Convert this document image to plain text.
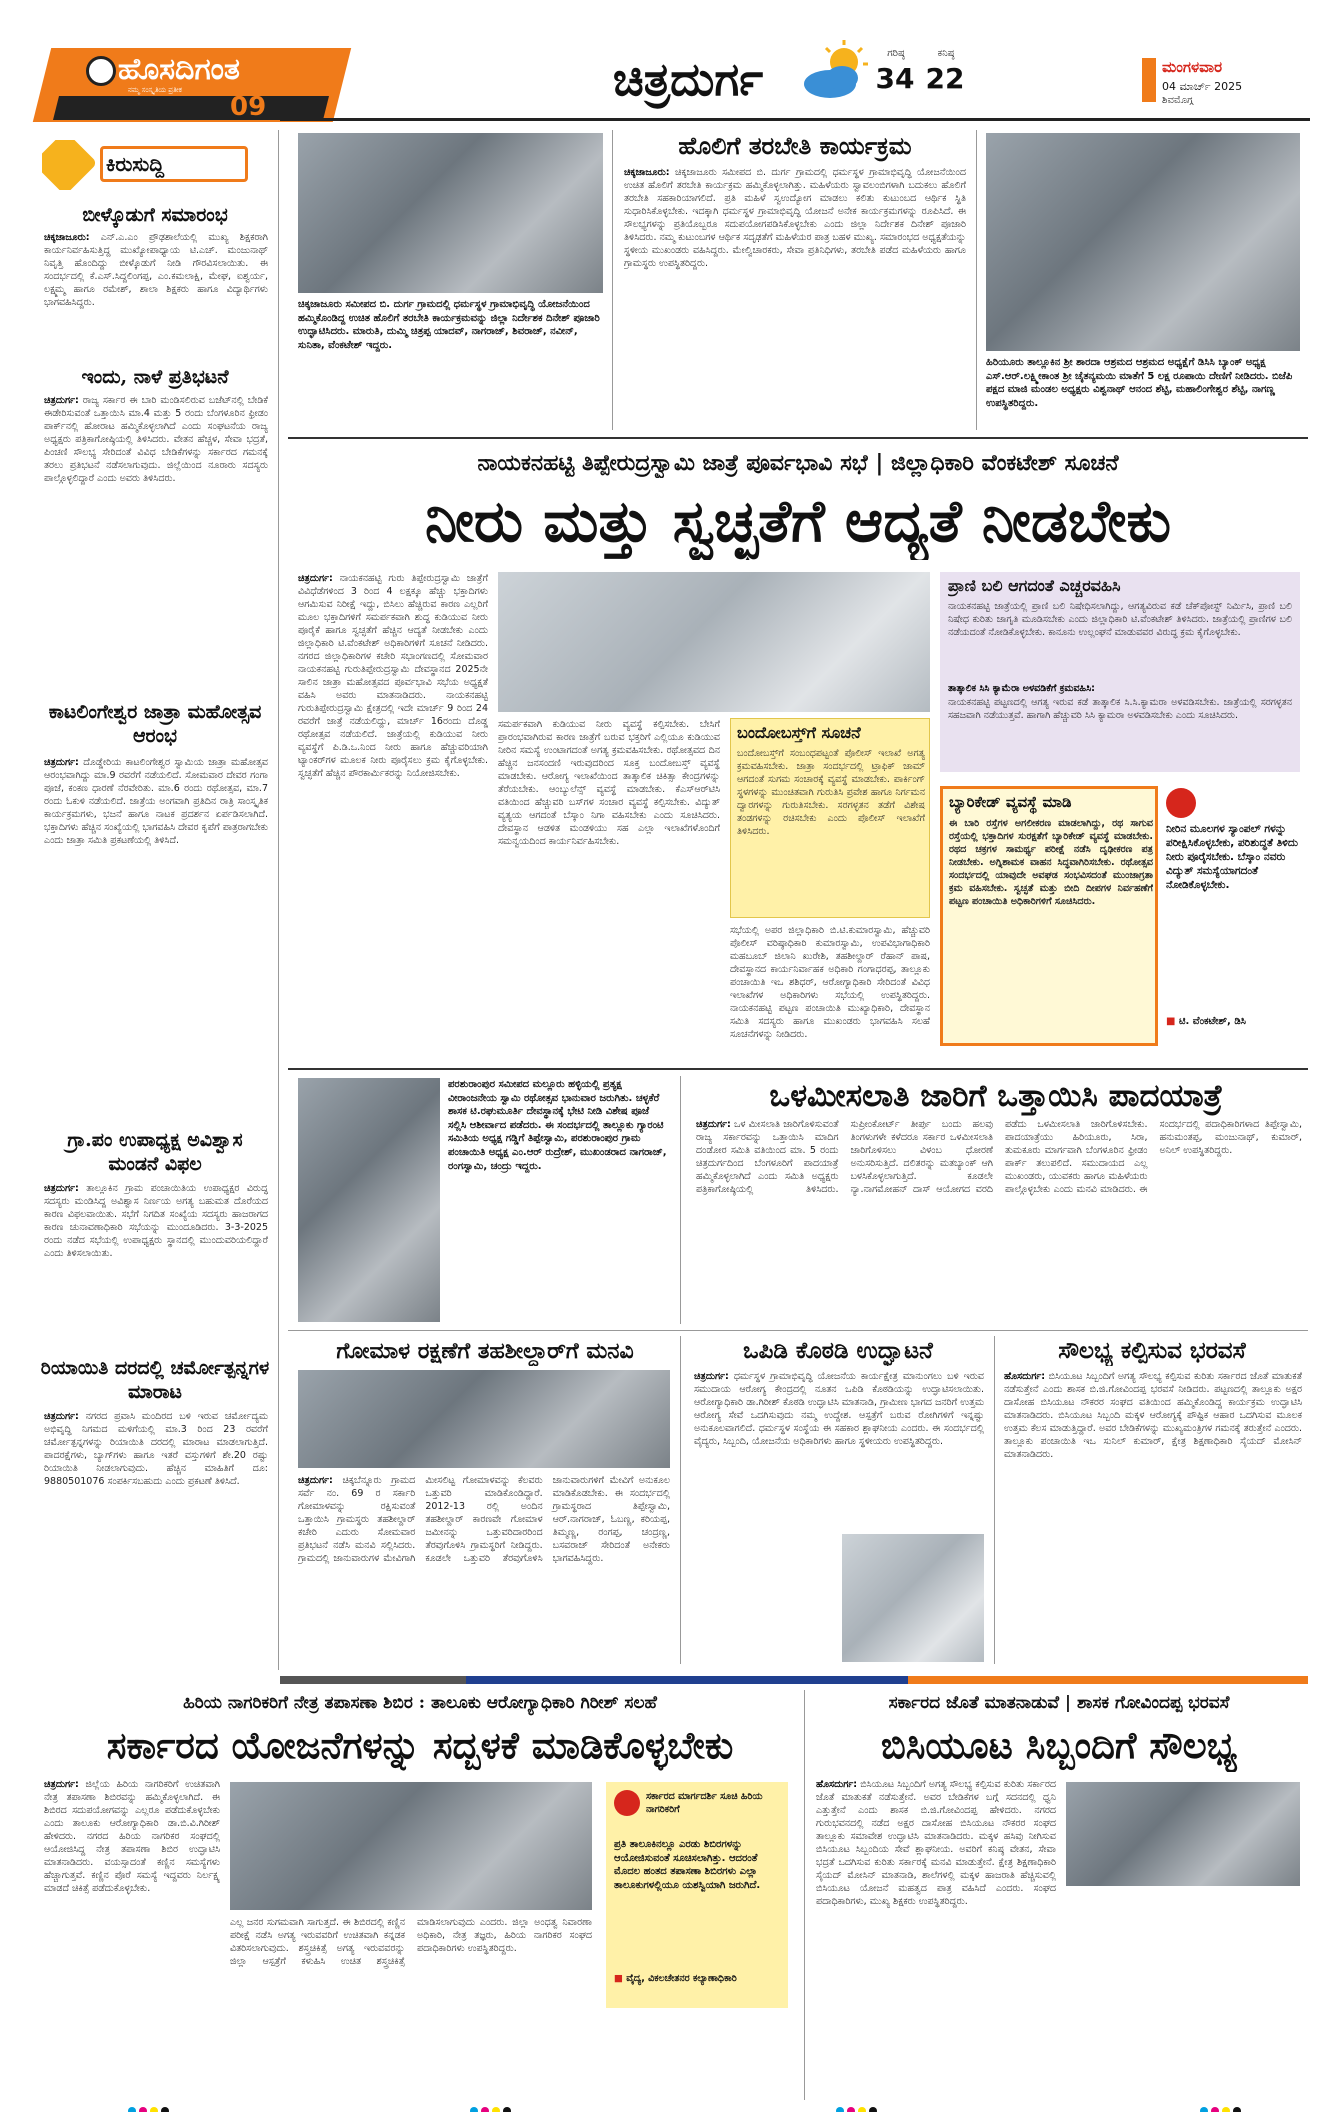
ಹೊಸದಿಗಂತ
ನಮ್ಮ ಸಂಸ್ಕೃತಿಯ ಪ್ರತೀಕ
09
ಚಿತ್ರದುರ್ಗ	ಗರಿಷ್ಠ
34
ಕನಿಷ್ಠ
22	ಮಂಗಳವಾರ
04 ಮಾರ್ಚ್ 2025
ಶಿವಮೊಗ್ಗ
ಕಿರುಸುದ್ದಿ
ಬೀಳ್ಕೊಡುಗೆ ಸಮಾರಂಭ
ಚಿಕ್ಕಜಾಜೂರು: ಎನ್.ಎ.ಎಂ ಪ್ರೌಢಶಾಲೆಯಲ್ಲಿ ಮುಖ್ಯ ಶಿಕ್ಷಕರಾಗಿ ಕಾರ್ಯನಿರ್ವಹಿಸುತ್ತಿದ್ದ ಮುಖ್ಯೋಪಾಧ್ಯಾಯ ಟಿ.ಎಚ್. ಮಂಜುನಾಥ್ ನಿವೃತ್ತಿ ಹೊಂದಿದ್ದು ಬೀಳ್ಕೊಡುಗೆ ನೀಡಿ ಗೌರವಿಸಲಾಯಿತು. ಈ ಸಂದರ್ಭದಲ್ಲಿ ಕೆ.ಎಸ್.ಸಿದ್ದಲಿಂಗಪ್ಪ, ಎಂ.ಕಮಲಾಕ್ಷಿ, ಮೇಘ, ಐಶ್ವರ್ಯ, ಲಕ್ಷ್ಮಮ್ಮ ಹಾಗೂ ರಮೇಶ್, ಶಾಲಾ ಶಿಕ್ಷಕರು ಹಾಗೂ ವಿದ್ಯಾರ್ಥಿಗಳು ಭಾಗವಹಿಸಿದ್ದರು.
ಇಂದು, ನಾಳೆ ಪ್ರತಿಭಟನೆ
ಚಿತ್ರದುರ್ಗ: ರಾಜ್ಯ ಸರ್ಕಾರ ಈ ಬಾರಿ ಮಂಡಿಸಲಿರುವ ಬಜೆಟ್‌ನಲ್ಲಿ ಬೇಡಿಕೆ ಈಡೇರಿಸುವಂತೆ ಒತ್ತಾಯಿಸಿ ಮಾ.4 ಮತ್ತು 5 ರಂದು ಬೆಂಗಳೂರಿನ ಫ್ರೀಡಂ ಪಾರ್ಕ್‌ನಲ್ಲಿ ಹೋರಾಟ ಹಮ್ಮಿಕೊಳ್ಳಲಾಗಿದೆ ಎಂದು ಸಂಘಟನೆಯ ರಾಜ್ಯ ಅಧ್ಯಕ್ಷರು ಪತ್ರಿಕಾಗೋಷ್ಠಿಯಲ್ಲಿ ತಿಳಿಸಿದರು. ವೇತನ ಹೆಚ್ಚಳ, ಸೇವಾ ಭದ್ರತೆ, ಪಿಂಚಣಿ ಸೌಲಭ್ಯ ಸೇರಿದಂತೆ ವಿವಿಧ ಬೇಡಿಕೆಗಳನ್ನು ಸರ್ಕಾರದ ಗಮನಕ್ಕೆ ತರಲು ಪ್ರತಿಭಟನೆ ನಡೆಸಲಾಗುವುದು. ಜಿಲ್ಲೆಯಿಂದ ನೂರಾರು ಸದಸ್ಯರು ಪಾಲ್ಗೊಳ್ಳಲಿದ್ದಾರೆ ಎಂದು ಅವರು ತಿಳಿಸಿದರು.
ಕಾಟಲಿಂಗೇಶ್ವರ ಜಾತ್ರಾ ಮಹೋತ್ಸವ ಆರಂಭ
ಚಿತ್ರದುರ್ಗ: ದೊಡ್ಡೇರಿಯ ಕಾಟಲಿಂಗೇಶ್ವರ ಸ್ವಾಮಿಯ ಜಾತ್ರಾ ಮಹೋತ್ಸವ ಆರಂಭವಾಗಿದ್ದು ಮಾ.9 ರವರೆಗೆ ನಡೆಯಲಿದೆ. ಸೋಮವಾರ ದೇವರ ಗಂಗಾ ಪೂಜೆ, ಕಂಕಣ ಧಾರಣೆ ನೆರವೇರಿತು. ಮಾ.6 ರಂದು ರಥೋತ್ಸವ, ಮಾ.7 ರಂದು ಓಕುಳಿ ನಡೆಯಲಿದೆ. ಜಾತ್ರೆಯ ಅಂಗವಾಗಿ ಪ್ರತಿದಿನ ರಾತ್ರಿ ಸಾಂಸ್ಕೃತಿಕ ಕಾರ್ಯಕ್ರಮಗಳು, ಭಜನೆ ಹಾಗೂ ನಾಟಕ ಪ್ರದರ್ಶನ ಏರ್ಪಡಿಸಲಾಗಿದೆ. ಭಕ್ತಾದಿಗಳು ಹೆಚ್ಚಿನ ಸಂಖ್ಯೆಯಲ್ಲಿ ಭಾಗವಹಿಸಿ ದೇವರ ಕೃಪೆಗೆ ಪಾತ್ರರಾಗಬೇಕು ಎಂದು ಜಾತ್ರಾ ಸಮಿತಿ ಪ್ರಕಟಣೆಯಲ್ಲಿ ತಿಳಿಸಿದೆ.
ಗ್ರಾ.ಪಂ ಉಪಾಧ್ಯಕ್ಷ ಅವಿಶ್ವಾಸ ಮಂಡನೆ ವಿಫಲ
ಚಿತ್ರದುರ್ಗ: ತಾಲ್ಲೂಕಿನ ಗ್ರಾಮ ಪಂಚಾಯಿತಿಯ ಉಪಾಧ್ಯಕ್ಷರ ವಿರುದ್ಧ ಸದಸ್ಯರು ಮಂಡಿಸಿದ್ದ ಅವಿಶ್ವಾಸ ನಿರ್ಣಯ ಅಗತ್ಯ ಬಹುಮತ ದೊರೆಯದ ಕಾರಣ ವಿಫಲವಾಯಿತು. ಸಭೆಗೆ ನಿಗದಿತ ಸಂಖ್ಯೆಯ ಸದಸ್ಯರು ಹಾಜರಾಗದ ಕಾರಣ ಚುನಾವಣಾಧಿಕಾರಿ ಸಭೆಯನ್ನು ಮುಂದೂಡಿದರು. 3-3-2025 ರಂದು ನಡೆದ ಸಭೆಯಲ್ಲಿ ಉಪಾಧ್ಯಕ್ಷರು ಸ್ಥಾನದಲ್ಲಿ ಮುಂದುವರಿಯಲಿದ್ದಾರೆ ಎಂದು ತಿಳಿಸಲಾಯಿತು.
ರಿಯಾಯಿತಿ ದರದಲ್ಲಿ ಚರ್ಮೋತ್ಪನ್ನಗಳ ಮಾರಾಟ
ಚಿತ್ರದುರ್ಗ: ನಗರದ ಪ್ರವಾಸಿ ಮಂದಿರದ ಬಳಿ ಇರುವ ಚರ್ಮೋದ್ಯಮ ಅಭಿವೃದ್ಧಿ ನಿಗಮದ ಮಳಿಗೆಯಲ್ಲಿ ಮಾ.3 ರಿಂದ 23 ರವರೆಗೆ ಚರ್ಮೋತ್ಪನ್ನಗಳನ್ನು ರಿಯಾಯಿತಿ ದರದಲ್ಲಿ ಮಾರಾಟ ಮಾಡಲಾಗುತ್ತಿದೆ. ಪಾದರಕ್ಷೆಗಳು, ಬ್ಯಾಗ್‌ಗಳು ಹಾಗೂ ಇತರೆ ವಸ್ತುಗಳಿಗೆ ಶೇ.20 ರಷ್ಟು ರಿಯಾಯಿತಿ ನೀಡಲಾಗುವುದು. ಹೆಚ್ಚಿನ ಮಾಹಿತಿಗೆ ದೂ: 9880501076 ಸಂಪರ್ಕಿಸಬಹುದು ಎಂದು ಪ್ರಕಟಣೆ ತಿಳಿಸಿದೆ.
ಚಿಕ್ಕಜಾಜೂರು ಸಮೀಪದ ಬಿ. ದುರ್ಗ ಗ್ರಾಮದಲ್ಲಿ ಧರ್ಮಸ್ಥಳ ಗ್ರಾಮಾಭಿವೃದ್ಧಿ ಯೋಜನೆಯಿಂದ ಹಮ್ಮಿಕೊಂಡಿದ್ದ ಉಚಿತ ಹೊಲಿಗೆ ತರಬೇತಿ ಕಾರ್ಯಕ್ರಮವನ್ನು ಜಿಲ್ಲಾ ನಿರ್ದೇಶಕ ದಿನೇಶ್ ಪೂಜಾರಿ ಉದ್ಘಾಟಿಸಿದರು. ಮಾರುತಿ, ದುಮ್ಮಿ ಚಿತ್ರಪ್ಪ ಯಾದವ್, ನಾಗರಾಜ್, ಶಿವರಾಜ್, ನವೀನ್, ಸುನಿತಾ, ವೆಂಕಟೇಶ್ ಇದ್ದರು.
ಹೊಲಿಗೆ ತರಬೇತಿ ಕಾರ್ಯಕ್ರಮ
ಚಿಕ್ಕಜಾಜೂರು: ಚಿಕ್ಕಜಾಜೂರು ಸಮೀಪದ ಬಿ. ದುರ್ಗ ಗ್ರಾಮದಲ್ಲಿ ಧರ್ಮಸ್ಥಳ ಗ್ರಾಮಾಭಿವೃದ್ಧಿ ಯೋಜನೆಯಿಂದ ಉಚಿತ ಹೊಲಿಗೆ ತರಬೇತಿ ಕಾರ್ಯಕ್ರಮ ಹಮ್ಮಿಕೊಳ್ಳಲಾಗಿತ್ತು. ಮಹಿಳೆಯರು ಸ್ವಾವಲಂಬಿಗಳಾಗಿ ಬದುಕಲು ಹೊಲಿಗೆ ತರಬೇತಿ ಸಹಕಾರಿಯಾಗಲಿದೆ. ಪ್ರತಿ ಮಹಿಳೆ ಸ್ವಉದ್ಯೋಗ ಮಾಡಲು ಕಲಿತು ಕುಟುಂಬದ ಆರ್ಥಿಕ ಸ್ಥಿತಿ ಸುಧಾರಿಸಿಕೊಳ್ಳಬೇಕು. ಇದಕ್ಕಾಗಿ ಧರ್ಮಸ್ಥಳ ಗ್ರಾಮಾಭಿವೃದ್ಧಿ ಯೋಜನೆ ಅನೇಕ ಕಾರ್ಯಕ್ರಮಗಳನ್ನು ರೂಪಿಸಿದೆ. ಈ ಸೌಲಭ್ಯಗಳನ್ನು ಪ್ರತಿಯೊಬ್ಬರೂ ಸದುಪಯೋಗಪಡಿಸಿಕೊಳ್ಳಬೇಕು ಎಂದು ಜಿಲ್ಲಾ ನಿರ್ದೇಶಕ ದಿನೇಶ್ ಪೂಜಾರಿ ತಿಳಿಸಿದರು. ನಮ್ಮ ಕುಟುಂಬಗಳ ಆರ್ಥಿಕ ಸದೃಢತೆಗೆ ಮಹಿಳೆಯರ ಪಾತ್ರ ಬಹಳ ಮುಖ್ಯ. ಸಮಾರಂಭದ ಅಧ್ಯಕ್ಷತೆಯನ್ನು ಸ್ಥಳೀಯ ಮುಖಂಡರು ವಹಿಸಿದ್ದರು. ಮೇಲ್ವಿಚಾರಕರು, ಸೇವಾ ಪ್ರತಿನಿಧಿಗಳು, ತರಬೇತಿ ಪಡೆದ ಮಹಿಳೆಯರು ಹಾಗೂ ಗ್ರಾಮಸ್ಥರು ಉಪಸ್ಥಿತರಿದ್ದರು.
ಹಿರಿಯೂರು ತಾಲ್ಲೂಕಿನ ಶ್ರೀ ಶಾರದಾ ಆಶ್ರಮದ ಆಶ್ರಮದ ಅಧ್ಯಕ್ಷೆಗೆ ಡಿಸಿಸಿ ಬ್ಯಾಂಕ್ ಅಧ್ಯಕ್ಷ ಎಸ್.ಆರ್.ಲಕ್ಷ್ಮೀಕಾಂತ ಶ್ರೀ ಚೈತನ್ಯಮಯಿ ಮಾತೆಗೆ 5 ಲಕ್ಷ ರೂಪಾಯಿ ದೇಣಿಗೆ ನೀಡಿದರು. ಬಿಜೆಪಿ ಪಕ್ಷದ ಮಾಜಿ ಮಂಡಲ ಅಧ್ಯಕ್ಷರು ವಿಶ್ವನಾಥ್ ಆನಂದ ಶೆಟ್ಟಿ, ಮಹಾಲಿಂಗೇಶ್ವರ ಶೆಟ್ಟಿ, ನಾಗಣ್ಣ ಉಪಸ್ಥಿತರಿದ್ದರು.
ನಾಯಕನಹಟ್ಟಿ ತಿಪ್ಪೇರುದ್ರಸ್ವಾಮಿ ಜಾತ್ರೆ ಪೂರ್ವಭಾವಿ ಸಭೆ | ಜಿಲ್ಲಾಧಿಕಾರಿ ವೆಂಕಟೇಶ್ ಸೂಚನೆ
ನೀರು ಮತ್ತು ಸ್ವಚ್ಛತೆಗೆ ಆದ್ಯತೆ ನೀಡಬೇಕು
ಚಿತ್ರದುರ್ಗ: ನಾಯಕನಹಟ್ಟಿ ಗುರು ತಿಪ್ಪೇರುದ್ರಸ್ವಾಮಿ ಜಾತ್ರೆಗೆ ವಿವಿಧೆಡೆಗಳಿಂದ 3 ರಿಂದ 4 ಲಕ್ಷಕ್ಕೂ ಹೆಚ್ಚು ಭಕ್ತಾದಿಗಳು ಆಗಮಿಸುವ ನಿರೀಕ್ಷೆ ಇದ್ದು, ಬಿಸಿಲು ಹೆಚ್ಚಿರುವ ಕಾರಣ ಎಲ್ಲರಿಗೆ ಮೂಲ ಭಕ್ತಾದಿಗಳಿಗೆ ಸಮರ್ಪಕವಾಗಿ ಶುದ್ಧ ಕುಡಿಯುವ ನೀರು ಪೂರೈಕೆ ಹಾಗೂ ಸ್ವಚ್ಛತೆಗೆ ಹೆಚ್ಚಿನ ಆದ್ಯತೆ ನೀಡಬೇಕು ಎಂದು ಜಿಲ್ಲಾಧಿಕಾರಿ ಟಿ.ವೆಂಕಟೇಶ್ ಅಧಿಕಾರಿಗಳಿಗೆ ಸೂಚನೆ ನೀಡಿದರು. ನಗರದ ಜಿಲ್ಲಾಧಿಕಾರಿಗಳ ಕಚೇರಿ ಸಭಾಂಗಣದಲ್ಲಿ ಸೋಮವಾರ ನಾಯಕನಹಟ್ಟಿ ಗುರುತಿಪ್ಪೇರುದ್ರಸ್ವಾಮಿ ದೇವಸ್ಥಾನದ 2025ನೇ ಸಾಲಿನ ಜಾತ್ರಾ ಮಹೋತ್ಸವದ ಪೂರ್ವಭಾವಿ ಸಭೆಯ ಅಧ್ಯಕ್ಷತೆ ವಹಿಸಿ ಅವರು ಮಾತನಾಡಿದರು. ನಾಯಕನಹಟ್ಟಿ ಗುರುತಿಪ್ಪೇರುದ್ರಸ್ವಾಮಿ ಕ್ಷೇತ್ರದಲ್ಲಿ ಇದೇ ಮಾರ್ಚ್ 9 ರಿಂದ 24 ರವರೆಗೆ ಜಾತ್ರೆ ನಡೆಯಲಿದ್ದು, ಮಾರ್ಚ್ 16ರಂದು ದೊಡ್ಡ ರಥೋತ್ಸವ ನಡೆಯಲಿದೆ. ಜಾತ್ರೆಯಲ್ಲಿ ಕುಡಿಯುವ ನೀರು ವ್ಯವಸ್ಥೆಗೆ ಪಿ.ಡಿ.ಒ.ನಿಂದ ನೀರು ಹಾಗೂ ಹೆಚ್ಚುವರಿಯಾಗಿ ಟ್ಯಾಂಕರ್‌ಗಳ ಮೂಲಕ ನೀರು ಪೂರೈಸಲು ಕ್ರಮ ಕೈಗೊಳ್ಳಬೇಕು. ಸ್ವಚ್ಛತೆಗೆ ಹೆಚ್ಚಿನ ಪೌರಕಾರ್ಮಿಕರನ್ನು ನಿಯೋಜಿಸಬೇಕು.
ಸಮರ್ಪಕವಾಗಿ ಕುಡಿಯುವ ನೀರು ವ್ಯವಸ್ಥೆ ಕಲ್ಪಿಸಬೇಕು. ಬೇಸಿಗೆ ಪ್ರಾರಂಭವಾಗಿರುವ ಕಾರಣ ಜಾತ್ರೆಗೆ ಬರುವ ಭಕ್ತರಿಗೆ ಎಲ್ಲಿಯೂ ಕುಡಿಯುವ ನೀರಿನ ಸಮಸ್ಯೆ ಉಂಟಾಗದಂತೆ ಅಗತ್ಯ ಕ್ರಮವಹಿಸಬೇಕು. ರಥೋತ್ಸವದ ದಿನ ಹೆಚ್ಚಿನ ಜನಸಂದಣಿ ಇರುವುದರಿಂದ ಸೂಕ್ತ ಬಂದೋಬಸ್ತ್ ವ್ಯವಸ್ಥೆ ಮಾಡಬೇಕು. ಆರೋಗ್ಯ ಇಲಾಖೆಯಿಂದ ತಾತ್ಕಾಲಿಕ ಚಿಕಿತ್ಸಾ ಕೇಂದ್ರಗಳನ್ನು ತೆರೆಯಬೇಕು. ಆಂಬ್ಯುಲೆನ್ಸ್ ವ್ಯವಸ್ಥೆ ಮಾಡಬೇಕು. ಕೆಎಸ್‌ಆರ್‌ಟಿಸಿ ವತಿಯಿಂದ ಹೆಚ್ಚುವರಿ ಬಸ್‌ಗಳ ಸಂಚಾರ ವ್ಯವಸ್ಥೆ ಕಲ್ಪಿಸಬೇಕು. ವಿದ್ಯುತ್ ವ್ಯತ್ಯಯ ಆಗದಂತೆ ಬೆಸ್ಕಾಂ ನಿಗಾ ವಹಿಸಬೇಕು ಎಂದು ಸೂಚಿಸಿದರು. ದೇವಸ್ಥಾನ ಆಡಳಿತ ಮಂಡಳಿಯು ಸಹ ಎಲ್ಲಾ ಇಲಾಖೆಗಳೊಂದಿಗೆ ಸಮನ್ವಯದಿಂದ ಕಾರ್ಯನಿರ್ವಹಿಸಬೇಕು.
ಬಂದೋಬಸ್ತ್‌ಗೆ ಸೂಚನೆ
ಬಂದೋಬಸ್ತ್‌ಗೆ ಸಂಬಂಧಪಟ್ಟಂತೆ ಪೊಲೀಸ್ ಇಲಾಖೆ ಅಗತ್ಯ ಕ್ರಮವಹಿಸಬೇಕು. ಜಾತ್ರಾ ಸಂದರ್ಭದಲ್ಲಿ ಟ್ರಾಫಿಕ್ ಜಾಮ್ ಆಗದಂತೆ ಸುಗಮ ಸಂಚಾರಕ್ಕೆ ವ್ಯವಸ್ಥೆ ಮಾಡಬೇಕು. ಪಾರ್ಕಿಂಗ್ ಸ್ಥಳಗಳನ್ನು ಮುಂಚಿತವಾಗಿ ಗುರುತಿಸಿ ಪ್ರವೇಶ ಹಾಗೂ ನಿರ್ಗಮನ ದ್ವಾರಗಳನ್ನು ಗುರುತಿಸಬೇಕು. ಸರಗಳ್ಳತನ ತಡೆಗೆ ವಿಶೇಷ ತಂಡಗಳನ್ನು ರಚಿಸಬೇಕು ಎಂದು ಪೊಲೀಸ್ ಇಲಾಖೆಗೆ ತಿಳಿಸಿದರು.
ಸಭೆಯಲ್ಲಿ ಅಪರ ಜಿಲ್ಲಾಧಿಕಾರಿ ಬಿ.ಟಿ.ಕುಮಾರಸ್ವಾಮಿ, ಹೆಚ್ಚುವರಿ ಪೊಲೀಸ್ ವರಿಷ್ಠಾಧಿಕಾರಿ ಕುಮಾರಸ್ವಾಮಿ, ಉಪವಿಭಾಗಾಧಿಕಾರಿ ಮಹಬೂಬ್ ಜಿಲಾನಿ ಖುರೇಶಿ, ತಹಶೀಲ್ದಾರ್ ರೆಹಾನ್ ಪಾಷ, ದೇವಸ್ಥಾನದ ಕಾರ್ಯನಿರ್ವಾಹಕ ಅಧಿಕಾರಿ ಗಂಗಾಧರಪ್ಪ, ತಾಲ್ಲೂಕು ಪಂಚಾಯಿತಿ ಇಒ ಶಶಿಧರ್, ಆರೋಗ್ಯಾಧಿಕಾರಿ ಸೇರಿದಂತೆ ವಿವಿಧ ಇಲಾಖೆಗಳ ಅಧಿಕಾರಿಗಳು ಸಭೆಯಲ್ಲಿ ಉಪಸ್ಥಿತರಿದ್ದರು. ನಾಯಕನಹಟ್ಟಿ ಪಟ್ಟಣ ಪಂಚಾಯಿತಿ ಮುಖ್ಯಾಧಿಕಾರಿ, ದೇವಸ್ಥಾನ ಸಮಿತಿ ಸದಸ್ಯರು ಹಾಗೂ ಮುಖಂಡರು ಭಾಗವಹಿಸಿ ಸಲಹೆ ಸೂಚನೆಗಳನ್ನು ನೀಡಿದರು.
ಪ್ರಾಣಿ ಬಲಿ ಆಗದಂತೆ ಎಚ್ಚರವಹಿಸಿ
ನಾಯಕನಹಟ್ಟಿ ಜಾತ್ರೆಯಲ್ಲಿ ಪ್ರಾಣಿ ಬಲಿ ನಿಷೇಧಿಸಲಾಗಿದ್ದು, ಆಗತ್ಯವಿರುವ ಕಡೆ ಚೆಕ್‌ಪೋಸ್ಟ್ ನಿರ್ಮಿಸಿ, ಪ್ರಾಣಿ ಬಲಿ ನಿಷೇಧ ಕುರಿತು ಜಾಗೃತಿ ಮೂಡಿಸಬೇಕು ಎಂದು ಜಿಲ್ಲಾಧಿಕಾರಿ ಟಿ.ವೆಂಕಟೇಶ್ ತಿಳಿಸಿದರು. ಜಾತ್ರೆಯಲ್ಲಿ ಪ್ರಾಣಿಗಳ ಬಲಿ ನಡೆಯದಂತೆ ನೋಡಿಕೊಳ್ಳಬೇಕು. ಕಾನೂನು ಉಲ್ಲಂಘನೆ ಮಾಡುವವರ ವಿರುದ್ಧ ಕ್ರಮ ಕೈಗೊಳ್ಳಬೇಕು.
ತಾತ್ಕಾಲಿಕ ಸಿಸಿ ಕ್ಯಾಮೆರಾ ಅಳವಡಿಕೆಗೆ ಕ್ರಮವಹಿಸಿ:
ನಾಯಕನಹಟ್ಟಿ ಪಟ್ಟಣದಲ್ಲಿ ಆಗತ್ಯ ಇರುವ ಕಡೆ ತಾತ್ಕಾಲಿಕ ಸಿ.ಸಿ.ಕ್ಯಾಮರಾ ಅಳವಡಿಸಬೇಕು. ಜಾತ್ರೆಯಲ್ಲಿ ಸರಗಳ್ಳತನ ಸಹಜವಾಗಿ ನಡೆಯುತ್ತವೆ. ಹಾಗಾಗಿ ಹೆಚ್ಚುವರಿ ಸಿಸಿ ಕ್ಯಾಮರಾ ಅಳವಡಿಸಬೇಕು ಎಂದು ಸೂಚಿಸಿದರು.
ಬ್ಯಾರಿಕೇಡ್ ವ್ಯವಸ್ಥೆ ಮಾಡಿ
ಈ ಬಾರಿ ರಸ್ತೆಗಳ ಅಗಲೀಕರಣ ಮಾಡಲಾಗಿದ್ದು, ರಥ ಸಾಗುವ ರಸ್ತೆಯಲ್ಲಿ ಭಕ್ತಾದಿಗಳ ಸುರಕ್ಷತೆಗೆ ಬ್ಯಾರಿಕೇಡ್ ವ್ಯವಸ್ಥೆ ಮಾಡಬೇಕು. ರಥದ ಚಕ್ರಗಳ ಸಾಮರ್ಥ್ಯ ಪರೀಕ್ಷೆ ನಡೆಸಿ ದೃಢೀಕರಣ ಪತ್ರ ನೀಡಬೇಕು. ಅಗ್ನಿಶಾಮಕ ವಾಹನ ಸಿದ್ಧವಾಗಿರಿಸಬೇಕು. ರಥೋತ್ಸವ ಸಂದರ್ಭದಲ್ಲಿ ಯಾವುದೇ ಅವಘಡ ಸಂಭವಿಸದಂತೆ ಮುಂಜಾಗ್ರತಾ ಕ್ರಮ ವಹಿಸಬೇಕು. ಸ್ವಚ್ಛತೆ ಮತ್ತು ಬೀದಿ ದೀಪಗಳ ನಿರ್ವಹಣೆಗೆ ಪಟ್ಟಣ ಪಂಚಾಯಿತಿ ಅಧಿಕಾರಿಗಳಿಗೆ ಸೂಚಿಸಿದರು.
ನೀರಿನ ಮೂಲಗಳ ಸ್ಯಾಂಪಲ್ ಗಳನ್ನು ಪರೀಕ್ಷಿಸಿಕೊಳ್ಳಬೇಕು, ಪರಿಶುದ್ಧತೆ ತಿಳಿದು ನೀರು ಪೂರೈಸಬೇಕು. ಬೆಸ್ಕಾಂ ನವರು ವಿದ್ಯುತ್ ಸಮಸ್ಯೆಯಾಗದಂತೆ ನೋಡಿಕೊಳ್ಳಬೇಕು.
■ ಟಿ. ವೆಂಕಟೇಶ್, ಡಿಸಿ
ಪರಶುರಾಂಪುರ ಸಮೀಪದ ಮಲ್ಲೂರು ಹಳ್ಳಿಯಲ್ಲಿ ಪ್ರತ್ಯಕ್ಷ ವೀರಾಂಜನೇಯ ಸ್ವಾಮಿ ರಥೋತ್ಸವ ಭಾನುವಾರ ಜರುಗಿತು. ಚಳ್ಳಕೆರೆ ಶಾಸಕ ಟಿ.ರಘುಮೂರ್ತಿ ದೇವಸ್ಥಾನಕ್ಕೆ ಭೇಟಿ ನೀಡಿ ವಿಶೇಷ ಪೂಜೆ ಸಲ್ಲಿಸಿ ಆಶೀರ್ವಾದ ಪಡೆದರು. ಈ ಸಂದರ್ಭದಲ್ಲಿ ತಾಲ್ಲೂಕು ಗ್ಯಾರಂಟಿ ಸಮಿತಿಯ ಅಧ್ಯಕ್ಷ ಗಡ್ಡಿಗೆ ತಿಪ್ಪೇಸ್ವಾಮಿ, ಪರಶುರಾಂಪುರ ಗ್ರಾಮ ಪಂಚಾಯಿತಿ ಅಧ್ಯಕ್ಷ ಎಂ.ಆರ್ ರುದ್ರೇಶ್, ಮುಖಂಡರಾದ ನಾಗರಾಜ್, ರಂಗಸ್ವಾಮಿ, ಚಂದ್ರು ಇದ್ದರು.
ಒಳಮೀಸಲಾತಿ ಜಾರಿಗೆ ಒತ್ತಾಯಿಸಿ ಪಾದಯಾತ್ರೆ
ಚಿತ್ರದುರ್ಗ: ಒಳ ಮೀಸಲಾತಿ ಜಾರಿಗೊಳಿಸುವಂತೆ ರಾಜ್ಯ ಸರ್ಕಾರವನ್ನು ಒತ್ತಾಯಿಸಿ ಮಾದಿಗ ದಂಡೋರ ಸಮಿತಿ ವತಿಯಿಂದ ಮಾ. 5 ರಂದು ಚಿತ್ರದುರ್ಗದಿಂದ ಬೆಂಗಳೂರಿಗೆ ಪಾದಯಾತ್ರೆ ಹಮ್ಮಿಕೊಳ್ಳಲಾಗಿದೆ ಎಂದು ಸಮಿತಿ ಅಧ್ಯಕ್ಷರು ಪತ್ರಿಕಾಗೋಷ್ಠಿಯಲ್ಲಿ ತಿಳಿಸಿದರು. ಸುಪ್ರೀಂಕೋರ್ಟ್ ತೀರ್ಪು ಬಂದು ಹಲವು ತಿಂಗಳುಗಳೇ ಕಳೆದರೂ ಸರ್ಕಾರ ಒಳಮೀಸಲಾತಿ ಜಾರಿಗೊಳಿಸಲು ವಿಳಂಬ ಧೋರಣೆ ಅನುಸರಿಸುತ್ತಿದೆ. ದಲಿತರನ್ನು ಮತಬ್ಯಾಂಕ್ ಆಗಿ ಬಳಸಿಕೊಳ್ಳಲಾಗುತ್ತಿದೆ. ಕೂಡಲೇ ನ್ಯಾ.ನಾಗಮೋಹನ್ ದಾಸ್ ಆಯೋಗದ ವರದಿ ಪಡೆದು ಒಳಮೀಸಲಾತಿ ಜಾರಿಗೊಳಿಸಬೇಕು. ಪಾದಯಾತ್ರೆಯು ಹಿರಿಯೂರು, ಸಿರಾ, ತುಮಕೂರು ಮಾರ್ಗವಾಗಿ ಬೆಂಗಳೂರಿನ ಫ್ರೀಡಂ ಪಾರ್ಕ್ ತಲುಪಲಿದೆ. ಸಮುದಾಯದ ಎಲ್ಲ ಮುಖಂಡರು, ಯುವಕರು ಹಾಗೂ ಮಹಿಳೆಯರು ಪಾಲ್ಗೊಳ್ಳಬೇಕು ಎಂದು ಮನವಿ ಮಾಡಿದರು. ಈ ಸಂದರ್ಭದಲ್ಲಿ ಪದಾಧಿಕಾರಿಗಳಾದ ತಿಪ್ಪೇಸ್ವಾಮಿ, ಹನುಮಂತಪ್ಪ, ಮಂಜುನಾಥ್, ಕುಮಾರ್, ಅನಿಲ್ ಉಪಸ್ಥಿತರಿದ್ದರು.
ಗೋಮಾಳ ರಕ್ಷಣೆಗೆ ತಹಶೀಲ್ದಾರ್‌ಗೆ ಮನವಿ
ಚಿತ್ರದುರ್ಗ: ಚಿಕ್ಕಬೆನ್ನೂರು ಗ್ರಾಮದ ಸರ್ವೆ ನಂ. 69 ರ ಸರ್ಕಾರಿ ಗೋಮಾಳವನ್ನು ರಕ್ಷಿಸುವಂತೆ ಒತ್ತಾಯಿಸಿ ಗ್ರಾಮಸ್ಥರು ತಹಶೀಲ್ದಾರ್ ಕಚೇರಿ ಎದುರು ಸೋಮವಾರ ಪ್ರತಿಭಟನೆ ನಡೆಸಿ ಮನವಿ ಸಲ್ಲಿಸಿದರು. ಗ್ರಾಮದಲ್ಲಿ ಜಾನುವಾರುಗಳ ಮೇವಿಗಾಗಿ ಮೀಸಲಿಟ್ಟ ಗೋಮಾಳವನ್ನು ಕೆಲವರು ಒತ್ತುವರಿ ಮಾಡಿಕೊಂಡಿದ್ದಾರೆ. 2012-13 ರಲ್ಲಿ ಅಂದಿನ ತಹಶೀಲ್ದಾರ್ ಕಾರಣವೇ ಗೋಮಾಳ ಜಮೀನನ್ನು ಒತ್ತುವರಿದಾರರಿಂದ ತೆರವುಗೊಳಿಸಿ ಗ್ರಾಮಸ್ಥರಿಗೆ ನೀಡಿದ್ದರು. ಕೂಡಲೇ ಒತ್ತುವರಿ ತೆರವುಗೊಳಿಸಿ ಜಾನುವಾರುಗಳಿಗೆ ಮೇವಿಗೆ ಅನುಕೂಲ ಮಾಡಿಕೊಡಬೇಕು. ಈ ಸಂದರ್ಭದಲ್ಲಿ ಗ್ರಾಮಸ್ಥರಾದ ತಿಪ್ಪೇಸ್ವಾಮಿ, ಆರ್.ನಾಗರಾಜ್, ಓಬಣ್ಣ, ಕರಿಯಪ್ಪ, ತಿಮ್ಮಣ್ಣ, ರಂಗಪ್ಪ, ಚಂದ್ರಣ್ಣ, ಬಸವರಾಜ್ ಸೇರಿದಂತೆ ಅನೇಕರು ಭಾಗವಹಿಸಿದ್ದರು.
ಒಪಿಡಿ ಕೊಠಡಿ ಉದ್ಘಾಟನೆ
ಚಿತ್ರದುರ್ಗ: ಧರ್ಮಸ್ಥಳ ಗ್ರಾಮಾಭಿವೃದ್ಧಿ ಯೋಜನೆಯ ಕಾರ್ಯಕ್ಷೇತ್ರ ಮಾನುಂಗಲು ಬಳಿ ಇರುವ ಸಮುದಾಯ ಆರೋಗ್ಯ ಕೇಂದ್ರದಲ್ಲಿ ನೂತನ ಒಪಿಡಿ ಕೊಠಡಿಯನ್ನು ಉದ್ಘಾಟಿಸಲಾಯಿತು. ಆರೋಗ್ಯಾಧಿಕಾರಿ ಡಾ.ಗಿರೀಶ್ ಕೊಠಡಿ ಉದ್ಘಾಟಿಸಿ ಮಾತನಾಡಿ, ಗ್ರಾಮೀಣ ಭಾಗದ ಜನರಿಗೆ ಉತ್ತಮ ಆರೋಗ್ಯ ಸೇವೆ ಒದಗಿಸುವುದು ನಮ್ಮ ಉದ್ದೇಶ. ಆಸ್ಪತ್ರೆಗೆ ಬರುವ ರೋಗಿಗಳಿಗೆ ಇನ್ನಷ್ಟು ಅನುಕೂಲವಾಗಲಿದೆ. ಧರ್ಮಸ್ಥಳ ಸಂಸ್ಥೆಯ ಈ ಸಹಕಾರ ಶ್ಲಾಘನೀಯ ಎಂದರು. ಈ ಸಂದರ್ಭದಲ್ಲಿ ವೈದ್ಯರು, ಸಿಬ್ಬಂದಿ, ಯೋಜನೆಯ ಅಧಿಕಾರಿಗಳು ಹಾಗೂ ಸ್ಥಳೀಯರು ಉಪಸ್ಥಿತರಿದ್ದರು.
ಸೌಲಭ್ಯ ಕಲ್ಪಿಸುವ ಭರವಸೆ
ಹೊಸದುರ್ಗ: ಬಿಸಿಯೂಟ ಸಿಬ್ಬಂದಿಗೆ ಅಗತ್ಯ ಸೌಲಭ್ಯ ಕಲ್ಪಿಸುವ ಕುರಿತು ಸರ್ಕಾರದ ಜೊತೆ ಮಾತುಕತೆ ನಡೆಸುತ್ತೇನೆ ಎಂದು ಶಾಸಕ ಬಿ.ಜಿ.ಗೋವಿಂದಪ್ಪ ಭರವಸೆ ನೀಡಿದರು. ಪಟ್ಟಣದಲ್ಲಿ ತಾಲ್ಲೂಕು ಅಕ್ಷರ ದಾಸೋಹ ಬಿಸಿಯೂಟ ನೌಕರರ ಸಂಘದ ವತಿಯಿಂದ ಹಮ್ಮಿಕೊಂಡಿದ್ದ ಕಾರ್ಯಕ್ರಮ ಉದ್ಘಾಟಿಸಿ ಮಾತನಾಡಿದರು. ಬಿಸಿಯೂಟ ಸಿಬ್ಬಂದಿ ಮಕ್ಕಳ ಆರೋಗ್ಯಕ್ಕೆ ಪೌಷ್ಟಿಕ ಆಹಾರ ಒದಗಿಸುವ ಮೂಲಕ ಉತ್ತಮ ಕೆಲಸ ಮಾಡುತ್ತಿದ್ದಾರೆ. ಅವರ ಬೇಡಿಕೆಗಳನ್ನು ಮುಖ್ಯಮಂತ್ರಿಗಳ ಗಮನಕ್ಕೆ ತರುತ್ತೇನೆ ಎಂದರು. ತಾಲ್ಲೂಕು ಪಂಚಾಯಿತಿ ಇಒ ಸುನಿಲ್ ಕುಮಾರ್, ಕ್ಷೇತ್ರ ಶಿಕ್ಷಣಾಧಿಕಾರಿ ಸೈಯದ್ ಮೋಸಿನ್ ಮಾತನಾಡಿದರು.
ಹಿರಿಯ ನಾಗರಿಕರಿಗೆ ನೇತ್ರ ತಪಾಸಣಾ ಶಿಬಿರ : ತಾಲೂಕು ಆರೋಗ್ಯಾಧಿಕಾರಿ ಗಿರೀಶ್ ಸಲಹೆ
ಸರ್ಕಾರದ ಯೋಜನೆಗಳನ್ನು ಸದ್ಬಳಕೆ ಮಾಡಿಕೊಳ್ಳಬೇಕು
ಚಿತ್ರದುರ್ಗ: ಜಿಲ್ಲೆಯ ಹಿರಿಯ ನಾಗರಿಕರಿಗೆ ಉಚಿತವಾಗಿ ನೇತ್ರ ತಪಾಸಣಾ ಶಿಬಿರವನ್ನು ಹಮ್ಮಿಕೊಳ್ಳಲಾಗಿದೆ. ಈ ಶಿಬಿರದ ಸದುಪಯೋಗವನ್ನು ಎಲ್ಲರೂ ಪಡೆದುಕೊಳ್ಳಬೇಕು ಎಂದು ತಾಲೂಕು ಆರೋಗ್ಯಾಧಿಕಾರಿ ಡಾ.ಬಿ.ವಿ.ಗಿರೀಶ್ ಹೇಳಿದರು. ನಗರದ ಹಿರಿಯ ನಾಗರಿಕರ ಸಂಘದಲ್ಲಿ ಆಯೋಜಿಸಿದ್ದ ನೇತ್ರ ತಪಾಸಣಾ ಶಿಬಿರ ಉದ್ಘಾಟಿಸಿ ಮಾತನಾಡಿದರು. ವಯಸ್ಸಾದಂತೆ ಕಣ್ಣಿನ ಸಮಸ್ಯೆಗಳು ಹೆಚ್ಚಾಗುತ್ತವೆ. ಕಣ್ಣಿನ ಪೊರೆ ಸಮಸ್ಯೆ ಇದ್ದವರು ನಿರ್ಲಕ್ಷ್ಯ ಮಾಡದೆ ಚಿಕಿತ್ಸೆ ಪಡೆದುಕೊಳ್ಳಬೇಕು.
ಎಲ್ಲ ಜನರ ಸುಗಮವಾಗಿ ಸಾಗುತ್ತದೆ. ಈ ಶಿಬಿರದಲ್ಲಿ ಕಣ್ಣಿನ ಪರೀಕ್ಷೆ ನಡೆಸಿ ಅಗತ್ಯ ಇರುವವರಿಗೆ ಉಚಿತವಾಗಿ ಕನ್ನಡಕ ವಿತರಿಸಲಾಗುವುದು. ಶಸ್ತ್ರಚಿಕಿತ್ಸೆ ಅಗತ್ಯ ಇರುವವರನ್ನು ಜಿಲ್ಲಾ ಆಸ್ಪತ್ರೆಗೆ ಕಳುಹಿಸಿ ಉಚಿತ ಶಸ್ತ್ರಚಿಕಿತ್ಸೆ ಮಾಡಿಸಲಾಗುವುದು ಎಂದರು. ಜಿಲ್ಲಾ ಅಂಧತ್ವ ನಿವಾರಣಾ ಅಧಿಕಾರಿ, ನೇತ್ರ ತಜ್ಞರು, ಹಿರಿಯ ನಾಗರಿಕರ ಸಂಘದ ಪದಾಧಿಕಾರಿಗಳು ಉಪಸ್ಥಿತರಿದ್ದರು.
ಸರ್ಕಾರದ ಮಾರ್ಗದರ್ಶಿ ಸೂಚಿ ಹಿರಿಯ ನಾಗರಿಕರಿಗೆ
ಪ್ರತಿ ತಾಲೂಕಿನಲ್ಲೂ ಎರಡು ಶಿಬಿರಗಳನ್ನು ಆಯೋಜಿಸುವಂತೆ ಸೂಚಿಸಲಾಗಿತ್ತು. ಆದರಂತೆ ಮೊದಲ ಹಂತದ ತಪಾಸಣಾ ಶಿಬಿರಗಳು ಎಲ್ಲಾ ತಾಲೂಕುಗಳಲ್ಲಿಯೂ ಯಶಸ್ವಿಯಾಗಿ ಜರುಗಿದೆ.
■ ವೈದ್ಯ, ವಿಕಲಚೇತನರ ಕಲ್ಯಾಣಾಧಿಕಾರಿ
ಸರ್ಕಾರದ ಜೊತೆ ಮಾತನಾಡುವೆ | ಶಾಸಕ ಗೋವಿಂದಪ್ಪ ಭರವಸೆ
ಬಿಸಿಯೂಟ ಸಿಬ್ಬಂದಿಗೆ ಸೌಲಭ್ಯ
ಹೊಸದುರ್ಗ: ಬಿಸಿಯೂಟ ಸಿಬ್ಬಂದಿಗೆ ಅಗತ್ಯ ಸೌಲಭ್ಯ ಕಲ್ಪಿಸುವ ಕುರಿತು ಸರ್ಕಾರದ ಜೊತೆ ಮಾತುಕತೆ ನಡೆಸುತ್ತೇನೆ. ಅವರ ಬೇಡಿಕೆಗಳ ಬಗ್ಗೆ ಸದನದಲ್ಲಿ ಧ್ವನಿ ಎತ್ತುತ್ತೇನೆ ಎಂದು ಶಾಸಕ ಬಿ.ಜಿ.ಗೋವಿಂದಪ್ಪ ಹೇಳಿದರು. ನಗರದ ಗುರುಭವನದಲ್ಲಿ ನಡೆದ ಅಕ್ಷರ ದಾಸೋಹ ಬಿಸಿಯೂಟ ನೌಕರರ ಸಂಘದ ತಾಲ್ಲೂಕು ಸಮಾವೇಶ ಉದ್ಘಾಟಿಸಿ ಮಾತನಾಡಿದರು. ಮಕ್ಕಳ ಹಸಿವು ನೀಗಿಸುವ ಬಿಸಿಯೂಟ ಸಿಬ್ಬಂದಿಯ ಸೇವೆ ಶ್ಲಾಘನೀಯ. ಅವರಿಗೆ ಕನಿಷ್ಠ ವೇತನ, ಸೇವಾ ಭದ್ರತೆ ಒದಗಿಸುವ ಕುರಿತು ಸರ್ಕಾರಕ್ಕೆ ಮನವಿ ಮಾಡುತ್ತೇನೆ. ಕ್ಷೇತ್ರ ಶಿಕ್ಷಣಾಧಿಕಾರಿ ಸೈಯದ್ ಮೋಸಿನ್ ಮಾತನಾಡಿ, ಶಾಲೆಗಳಲ್ಲಿ ಮಕ್ಕಳ ಹಾಜರಾತಿ ಹೆಚ್ಚಿಸುವಲ್ಲಿ ಬಿಸಿಯೂಟ ಯೋಜನೆ ಮಹತ್ವದ ಪಾತ್ರ ವಹಿಸಿದೆ ಎಂದರು. ಸಂಘದ ಪದಾಧಿಕಾರಿಗಳು, ಮುಖ್ಯ ಶಿಕ್ಷಕರು ಉಪಸ್ಥಿತರಿದ್ದರು.
